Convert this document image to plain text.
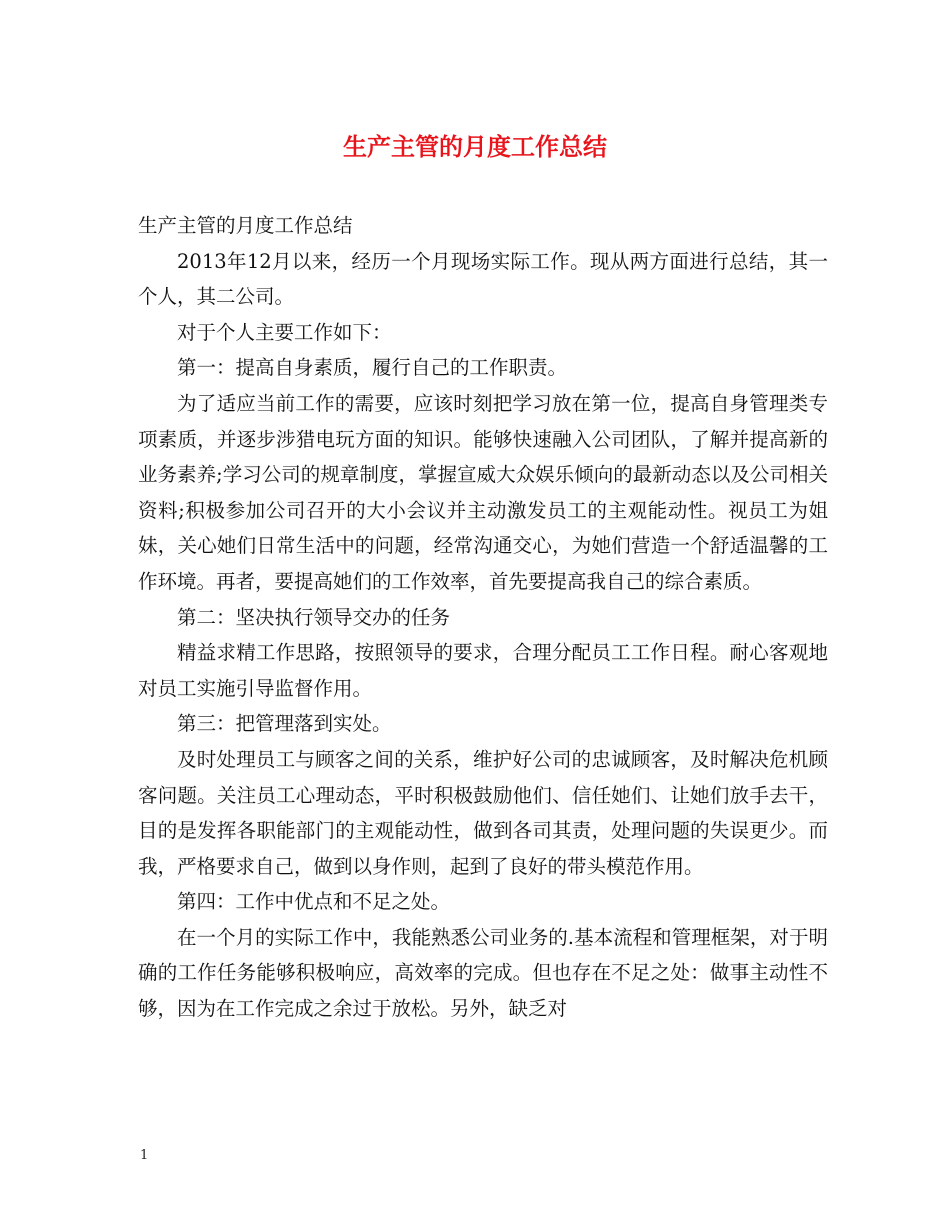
生产主管的月度工作总结

生产主管的月度工作总结

2013年12月以来，经历一个月现场实际工作。现从两方面进行总结，其一个人，其二公司。

对于个人主要工作如下：

第一：提高自身素质，履行自己的工作职责。

为了适应当前工作的需要，应该时刻把学习放在第一位，提高自身管理类专项素质，并逐步涉猎电玩方面的知识。能够快速融入公司团队，了解并提高新的业务素养;学习公司的规章制度，掌握宣威大众娱乐倾向的最新动态以及公司相关资料;积极参加公司召开的大小会议并主动激发员工的主观能动性。视员工为姐妹，关心她们日常生活中的问题，经常沟通交心，为她们营造一个舒适温馨的工作环境。再者，要提高她们的工作效率，首先要提高我自己的综合素质。

第二：坚决执行领导交办的任务

精益求精工作思路，按照领导的要求，合理分配员工工作日程。耐心客观地对员工实施引导监督作用。

第三：把管理落到实处。

及时处理员工与顾客之间的关系，维护好公司的忠诚顾客，及时解决危机顾客问题。关注员工心理动态，平时积极鼓励他们、信任她们、让她们放手去干，目的是发挥各职能部门的主观能动性，做到各司其责，处理问题的失误更少。而我，严格要求自己，做到以身作则，起到了良好的带头模范作用。

第四：工作中优点和不足之处。

在一个月的实际工作中，我能熟悉公司业务的.基本流程和管理框架，对于明确的工作任务能够积极响应，高效率的完成。但也存在不足之处：做事主动性不够，因为在工作完成之余过于放松。另外，缺乏对

1
